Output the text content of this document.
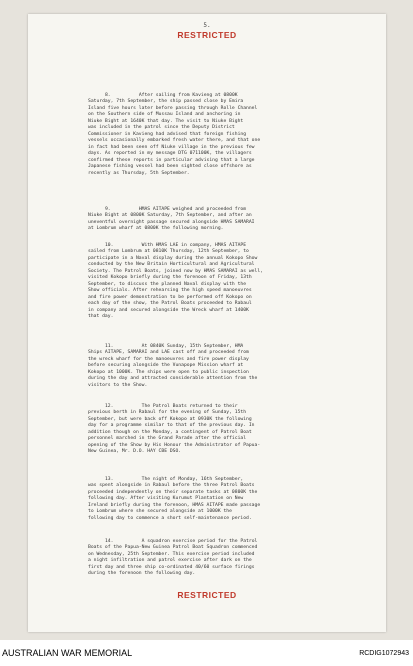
5.
RESTRICTED

8.	After sailing from Kavieng at 0800K
Saturday, 7th September, the ship passed close by Emira
Island five hours later before passing through Rolle Channel
on the Southern side of Mussau Island and anchoring in
Niuke Bight at 1640K that day. The visit to Niuke Bight
was included in the patrol since the Deputy District
Commissioner in Kavieng had advised that foreign fishing
vessels occasionally embarked fresh water there, and that one
in fact had been seen off Niuke village in the previous few
days. As reported in my message DTG 071100K, the villagers
confirmed these reports in particular advising that a large
Japanese fishing vessel had been sighted close offshore as
recently as Thursday, 5th September.

9.	HMAS AITAPE weighed and proceeded from
Niuke Bight at 0800K Saturday, 7th September, and after an
uneventful overnight passage secured alongside HMAS SAMARAI
at Lombrum wharf at 0800K the following morning.

10.	With HMAS LAE in company, HMAS AITAPE
sailed from Lombrum at 0810K Thursday, 12th September, to
participate in a Naval display during the annual Kokopo Show
conducted by the New Britain Horticultural and Agricultural
Society. The Patrol Boats, joined now by HMAS SAMARAI as well,
visited Kokopo briefly during the forenoon of Friday, 13th
September, to discuss the planned Naval display with the
Show officials. After rehearsing the high speed manoeuvres
and fire power demonstration to be performed off Kokopo on
each day of the show, the Patrol Boats proceeded to Rabaul
in company and secured alongside the Wreck wharf at 1400K
that day.

11.	At 0840K Sunday, 15th September, HMA
Ships AITAPE, SAMARAI and LAE cast off and proceeded from
the wreck wharf for the manoeuvres and fire power display
before securing alongside the Vunapope Mission wharf at
Kokopo at 1000K. The ships were open to public inspection
during the day and attracted considerable attention from the
visitors to the Show.

12.	The Patrol Boats returned to their
previous berth in Rabaul for the evening of Sunday, 15th
September, but were back off Kokopo at 0930K the following
day for a programme similar to that of the previous day. In
addition though on the Monday, a contingent of Patrol Boat
personnel marched in the Grand Parade after the official
opening of the Show by His Honour the Administrator of Papua-
New Guinea, Mr. D.O. HAY CBE DSO.

13.	The night of Monday, 16th September,
was spent alongside in Rabaul before the three Patrol Boats
proceeded independently on their separate tasks at 0800K the
following day. After visiting Kurumut Plantation on New
Ireland briefly during the forenoon, HMAS AITAPE made passage
to Lombrum where she secured alongside at 1000K the
following day to commence a short self-maintenance period.

14.	A squadron exercise period for the Patrol
Boats of the Papua-New Guinea Patrol Boat Squadron commenced
on Wednesday, 25th September. This exercise period included
a night infiltration and patrol exercise after dark on the
first day and three ship co-ordinated 40/60 surface firings
during the forenoon the following day.

RESTRICTED
AUSTRALIAN WAR MEMORIAL	RCDIG1072943
